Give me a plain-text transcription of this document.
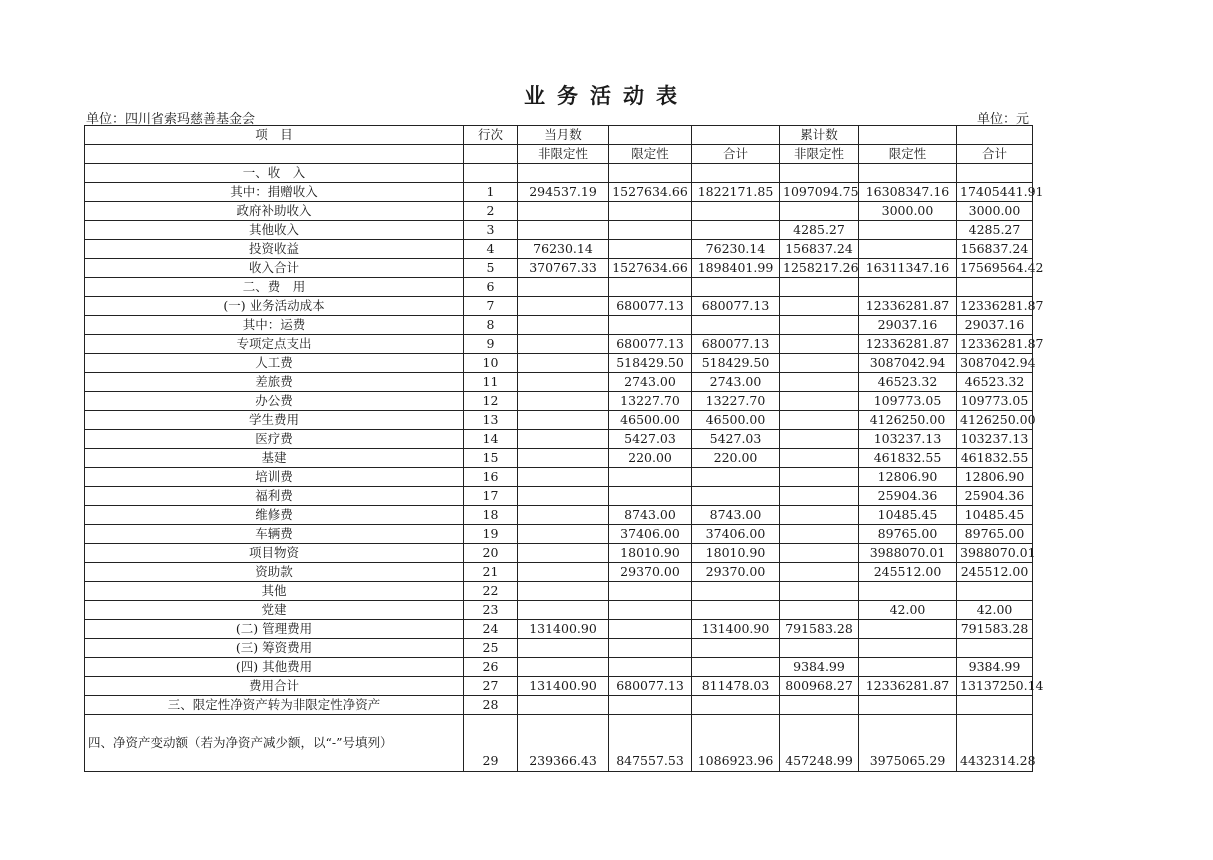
业务活动表
单位：四川省索玛慈善基金会	单位：元
项　目	行次	当月数			累计数		
		非限定性	限定性	合计	非限定性	限定性	合计
一、收　入							
其中：捐赠收入	1	294537.19	1527634.66	1822171.85	1097094.75	16308347.16	17405441.91
政府补助收入	2					3000.00	3000.00
其他收入	3				4285.27		4285.27
投资收益	4	76230.14		76230.14	156837.24		156837.24
收入合计	5	370767.33	1527634.66	1898401.99	1258217.26	16311347.16	17569564.42
二、费　用	6						
(一) 业务活动成本	7		680077.13	680077.13		12336281.87	12336281.87
其中：运费	8					29037.16	29037.16
专项定点支出	9		680077.13	680077.13		12336281.87	12336281.87
人工费	10		518429.50	518429.50		3087042.94	3087042.94
差旅费	11		2743.00	2743.00		46523.32	46523.32
办公费	12		13227.70	13227.70		109773.05	109773.05
学生费用	13		46500.00	46500.00		4126250.00	4126250.00
医疗费	14		5427.03	5427.03		103237.13	103237.13
基建	15		220.00	220.00		461832.55	461832.55
培训费	16					12806.90	12806.90
福利费	17					25904.36	25904.36
维修费	18		8743.00	8743.00		10485.45	10485.45
车辆费	19		37406.00	37406.00		89765.00	89765.00
项目物资	20		18010.90	18010.90		3988070.01	3988070.01
资助款	21		29370.00	29370.00		245512.00	245512.00
其他	22						
党建	23					42.00	42.00
(二) 管理费用	24	131400.90		131400.90	791583.28		791583.28
(三) 筹资费用	25						
(四) 其他费用	26				9384.99		9384.99
费用合计	27	131400.90	680077.13	811478.03	800968.27	12336281.87	13137250.14
三、限定性净资产转为非限定性净资产	28						
四、净资产变动额（若为净资产减少额，以“-”号填列）	29	239366.43	847557.53	1086923.96	457248.99	3975065.29	4432314.28
